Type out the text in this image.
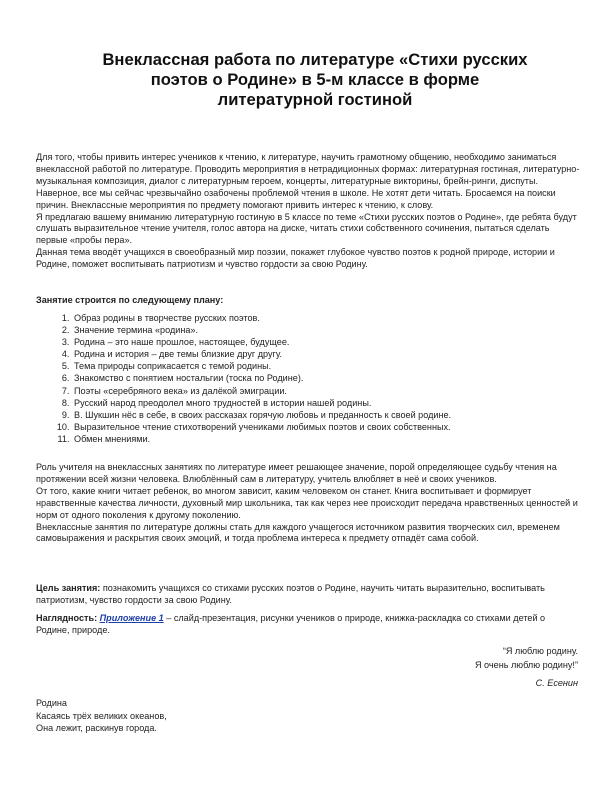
Внеклассная работа по литературе «Стихи русских
поэтов о Родине» в 5-м классе в форме
литературной гостиной

Для того, чтобы привить интерес учеников к чтению, к литературе, научить грамотному общению, необходимо заниматься внеклассной работой по литературе. Проводить мероприятия в нетрадиционных формах: литературная гостиная, литературно-музыкальная композиция, диалог с литературным героем, концерты, литературные викторины, брейн-ринги, диспуты.

Наверное, все мы сейчас чрезвычайно озабочены проблемой чтения в школе. Не хотят дети читать. Бросаемся на поиски причин. Внеклассные мероприятия по предмету помогают привить интерес к чтению, к слову.

Я предлагаю вашему вниманию литературную гостиную в 5 классе по теме «Стихи русских поэтов о Родине», где ребята будут слушать выразительное чтение учителя, голос автора на диске, читать стихи собственного сочинения, пытаться сделать первые «пробы пера».

Данная тема вводёт учащихся в своеобразный мир поэзии, покажет глубокое чувство поэтов к родной природе, истории и Родине, поможет воспитывать патриотизм и чувство гордости за свою Родину.

Занятие строится по следующему плану:
1. Образ родины в творчестве русских поэтов.
2. Значение термина «родина».
3. Родина – это наше прошлое, настоящее, будущее.
4. Родина и история – две темы близкие друг другу.
5. Тема природы соприкасается с темой родины.
6. Знакомство с понятием ностальгии (тоска по Родине).
7. Поэты «серебряного века» из далёкой эмиграции.
8. Русский народ преодолел много трудностей в истории нашей родины.
9. В. Шукшин нёс в себе, в своих рассказах горячую любовь и преданность к своей родине.
10. Выразительное чтение стихотворений учениками любимых поэтов и своих собственных.
11. Обмен мнениями.

Роль учителя на внеклассных занятиях по литературе имеет решающее значение, порой определяющее судьбу чтения на протяжении всей жизни человека. Влюблённый сам в литературу, учитель влюбляет в неё и своих учеников.

От того, какие книги читает ребенок, во многом зависит, каким человеком он станет. Книга воспитывает и формирует нравственные качества личности, духовный мир школьника, так как через нее происходит передача нравственных ценностей и норм от одного поколения к другому поколению.

Внеклассные занятия по литературе должны стать для каждого учащегося источником развития творческих сил, временем самовыражения и раскрытия своих эмоций, и тогда проблема интереса к предмету отпадёт сама собой.

Цель занятия: познакомить учащихся со стихами русских поэтов о Родине, научить читать выразительно, воспитывать патриотизм, чувство гордости за свою Родину.
Наглядность: Приложение 1 – слайд-презентация, рисунки учеников о природе, книжка-раскладка со стихами детей о Родине, природе.
“Я люблю родину.
Я очень люблю родину!”
С. Есенин
Родина
Касаясь трёх великих океанов,
Она лежит, раскинув города.
